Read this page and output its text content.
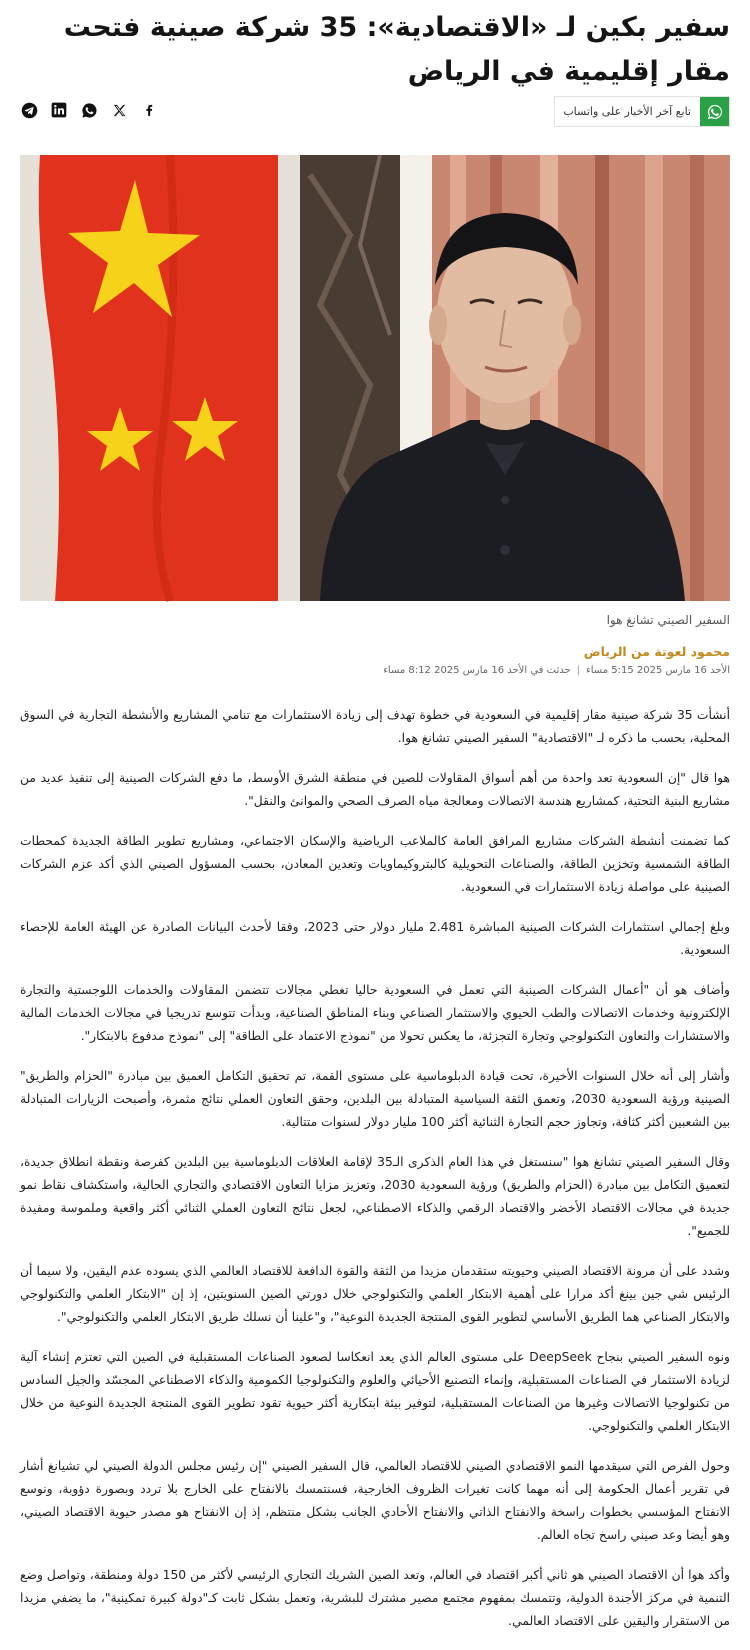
سفير بكين لـ «الاقتصادية»: 35 شركة صينية فتحت مقار إقليمية في الرياض
تابع آخر الأخبار على واتساب
السفير الصيني تشانغ هوا
محمود لعوتة من الرياض
الأحد 16 مارس 2025 5:15 مساء|حدثت في الأحد 16 مارس 2025 8:12 مساء

أنشأت 35 شركة صينية مقار إقليمية في السعودية في خطوة تهدف إلى زيادة الاستثمارات مع تنامي المشاريع والأنشطة التجارية في السوق المحلية، بحسب ما ذكره لـ "الاقتصادية" السفير الصيني تشانغ هوا.

هوا قال "إن السعودية تعد واحدة من أهم أسواق المقاولات للصين في منطقة الشرق الأوسط، ما دفع الشركات الصينية إلى تنفيذ عديد من مشاريع البنية التحتية، كمشاريع هندسة الاتصالات ومعالجة مياه الصرف الصحي والموانئ والنقل".

كما تضمنت أنشطة الشركات مشاريع المرافق العامة كالملاعب الرياضية والإسكان الاجتماعي، ومشاريع تطوير الطاقة الجديدة كمحطات الطاقة الشمسية وتخزين الطاقة، والصناعات التحويلية كالبتروكيماويات وتعدين المعادن، بحسب المسؤول الصيني الذي أكد عزم الشركات الصينية على مواصلة زيادة الاستثمارات في السعودية.

وبلغ إجمالي استثمارات الشركات الصينية المباشرة 2.481 مليار دولار حتى 2023، وفقا لأحدث البيانات الصادرة عن الهيئة العامة للإحصاء السعودية.

وأضاف هو أن "أعمال الشركات الصينية التي تعمل في السعودية حاليا تغطي مجالات تتضمن المقاولات والخدمات اللوجستية والتجارة الإلكترونية وخدمات الاتصالات والطب الحيوي والاستثمار الصناعي وبناء المناطق الصناعية، وبدأت تتوسع تدريجيا في مجالات الخدمات المالية والاستشارات والتعاون التكنولوجي وتجارة التجزئة، ما يعكس تحولا من "نموذج الاعتماد على الطاقة" إلى "نموذج مدفوع بالابتكار".

وأشار إلى أنه خلال السنوات الأخيرة، تحت قيادة الدبلوماسية على مستوى القمة، تم تحقيق التكامل العميق بين مبادرة "الحزام والطريق" الصينية ورؤية السعودية 2030، وتعمق الثقة السياسية المتبادلة بين البلدين، وحقق التعاون العملي نتائج مثمرة، وأصبحت الزيارات المتبادلة بين الشعبين أكثر كثافة، وتجاوز حجم التجارة الثنائية أكثر 100 مليار دولار لسنوات متتالية.

وقال السفير الصيني تشانغ هوا "سنستغل في هذا العام الذكرى الـ35 لإقامة العلاقات الدبلوماسية بين البلدين كفرصة ونقطة انطلاق جديدة، لتعميق التكامل بين مبادرة (الحزام والطريق) ورؤية السعودية 2030، وتعزيز مزايا التعاون الاقتصادي والتجاري الحالية، واستكشاف نقاط نمو جديدة في مجالات الاقتصاد الأخضر والاقتصاد الرقمي والذكاء الاصطناعي، لجعل نتائج التعاون العملي الثنائي أكثر واقعية وملموسة ومفيدة للجميع".

وشدد على أن مرونة الاقتصاد الصيني وحيويته ستقدمان مزيدا من الثقة والقوة الدافعة للاقتصاد العالمي الذي يسوده عدم اليقين، ولا سيما أن الرئيس شي جين بينغ أكد مرارا على أهمية الابتكار العلمي والتكنولوجي خلال دورتي الصين السنويتين، إذ إن "الابتكار العلمي والتكنولوجي والابتكار الصناعي هما الطريق الأساسي لتطوير القوى المنتجة الجديدة النوعية"، و"علينا أن نسلك طريق الابتكار العلمي والتكنولوجي".

ونوه السفير الصيني بنجاح DeepSeek على مستوى العالم الذي يعد انعكاسا لصعود الصناعات المستقبلية في الصين التي تعتزم إنشاء آلية لزيادة الاستثمار في الصناعات المستقبلية، وإنماء التصنيع الأحيائي والعلوم والتكنولوجيا الكمومية والذكاء الاصطناعي المجسّد والجيل السادس من تكنولوجيا الاتصالات وغيرها من الصناعات المستقبلية، لتوفير بيئة ابتكارية أكثر حيوية تقود تطوير القوى المنتجة الجديدة النوعية من خلال الابتكار العلمي والتكنولوجي.

وحول الفرص التي سيقدمها النمو الاقتصادي الصيني للاقتصاد العالمي، قال السفير الصيني "إن رئيس مجلس الدولة الصيني لي تشيانغ أشار في تقرير أعمال الحكومة إلى أنه مهما كانت تغيرات الظروف الخارجية، فسنتمسك بالانفتاح على الخارج بلا تردد وبصورة دؤوبة، ونوسع الانفتاح المؤسسي بخطوات راسخة والانفتاح الذاتي والانفتاح الأحادي الجانب بشكل منتظم، إذ إن الانفتاح هو مصدر حيوية الاقتصاد الصيني، وهو أيضا وعد صيني راسخ تجاه العالم.

وأكد هوا أن الاقتصاد الصيني هو ثاني أكبر اقتصاد في العالم، وتعد الصين الشريك التجاري الرئيسي لأكثر من 150 دولة ومنطقة، وتواصل وضع التنمية في مركز الأجندة الدولية، وتتمسك بمفهوم مجتمع مصير مشترك للبشرية، وتعمل بشكل ثابت كـ"دولة كبيرة تمكينية"، ما يضفي مزيدا من الاستقرار واليقين على الاقتصاد العالمي.
